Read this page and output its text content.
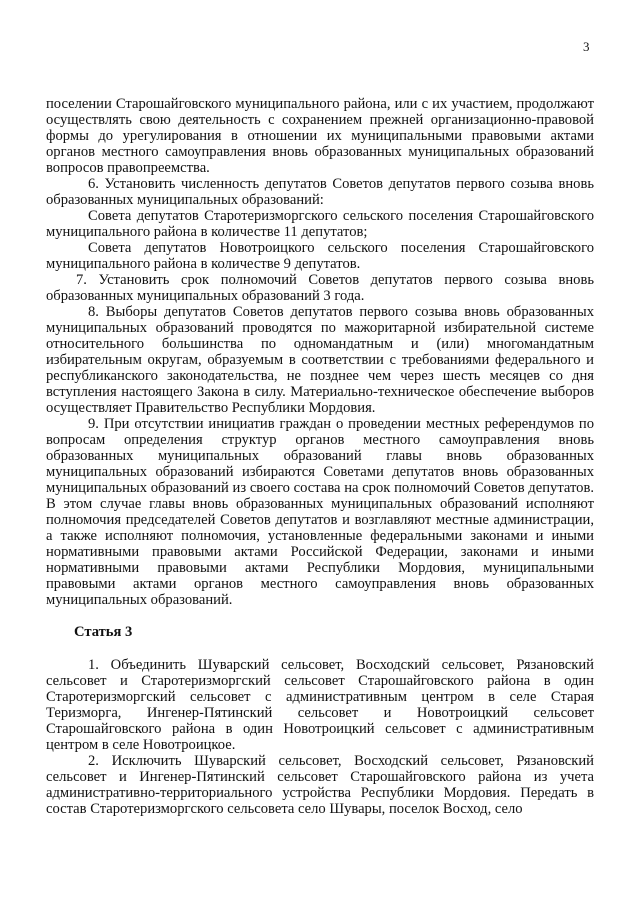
3

поселении Старошайговского муниципального района, или с их участием, продолжают осуществлять свою деятельность с сохранением прежней организационно-правовой формы до урегулирования в отношении их муниципальными правовыми актами органов местного самоуправления вновь образованных муниципальных образований вопросов правопреемства.

6. Установить численность депутатов Советов депутатов первого созыва вновь образованных муниципальных образований:

Совета депутатов Старотеризморгского сельского поселения Старошайговского муниципального района в количестве 11 депутатов;

Совета депутатов Новотроицкого сельского поселения Старошайговского муниципального района в количестве 9 депутатов.

7. Установить срок полномочий Советов депутатов первого созыва вновь образованных муниципальных образований 3 года.

8. Выборы депутатов Советов депутатов первого созыва вновь образованных муниципальных образований проводятся по мажоритарной избирательной системе относительного большинства по одномандатным и (или) многомандатным избирательным округам, образуемым в соответствии с требованиями федерального и республиканского законодательства, не позднее чем через шесть месяцев со дня вступления настоящего Закона в силу. Материально-техническое обеспечение выборов осуществляет Правительство Республики Мордовия.

9. При отсутствии инициатив граждан о проведении местных референдумов по вопросам определения структур органов местного самоуправления вновь образованных муниципальных образований главы вновь образованных муниципальных образований избираются Советами депутатов вновь образованных муниципальных образований из своего состава на срок полномочий Советов депутатов. В этом случае главы вновь образованных муниципальных образований исполняют полномочия председателей Советов депутатов и возглавляют местные администрации, а также исполняют полномочия, установленные федеральными законами и иными нормативными правовыми актами Российской Федерации, законами и иными нормативными правовыми актами Республики Мордовия, муниципальными правовыми актами органов местного самоуправления вновь образованных муниципальных образований.

Статья 3

1. Объединить Шуварский сельсовет, Восходский сельсовет, Рязановский сельсовет и Старотеризморгский сельсовет Старошайговского района в один Старотеризморгский сельсовет с административным центром в селе Старая Теризморга, Ингенер-Пятинский сельсовет и Новотроицкий сельсовет Старошайговского района в один Новотроицкий сельсовет с административным центром в селе Новотроицкое.

2. Исключить Шуварский сельсовет, Восходский сельсовет, Рязановский сельсовет и Ингенер-Пятинский сельсовет Старошайговского района из учета административно-территориального устройства Республики Мордовия. Передать в состав Старотеризморгского сельсовета село Шувары, поселок Восход, село
